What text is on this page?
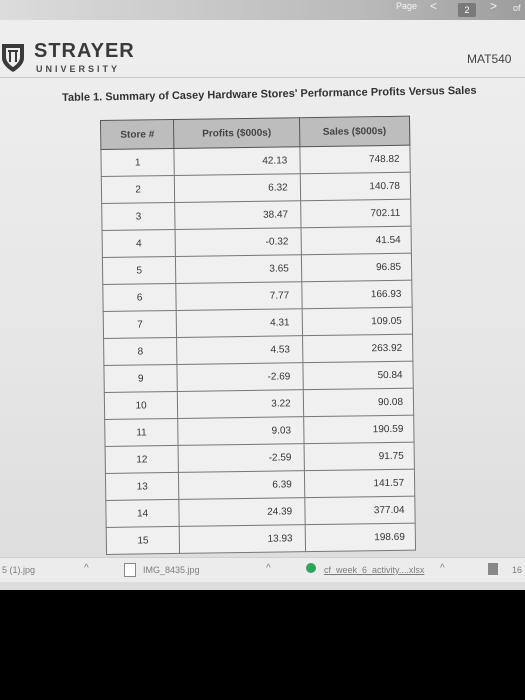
Page <	2	> of
STRAYER
UNIVERSITY
MAT540
Table 1. Summary of Casey Hardware Stores' Performance Profits Versus Sales
Store #	Profits ($000s)	Sales ($000s)
1	42.13	748.82
2	6.32	140.78
3	38.47	702.11
4	-0.32	41.54
5	3.65	96.85
6	7.77	166.93
7	4.31	109.05
8	4.53	263.92
9	-2.69	50.84
10	3.22	90.08
11	9.03	190.59
12	-2.59	91.75
13	6.39	141.57
14	24.39	377.04
15	13.93	198.69
5 (1).jpg	^	IMG_8435.jpg	^	cf_week_6_activity....xlsx ^	16
